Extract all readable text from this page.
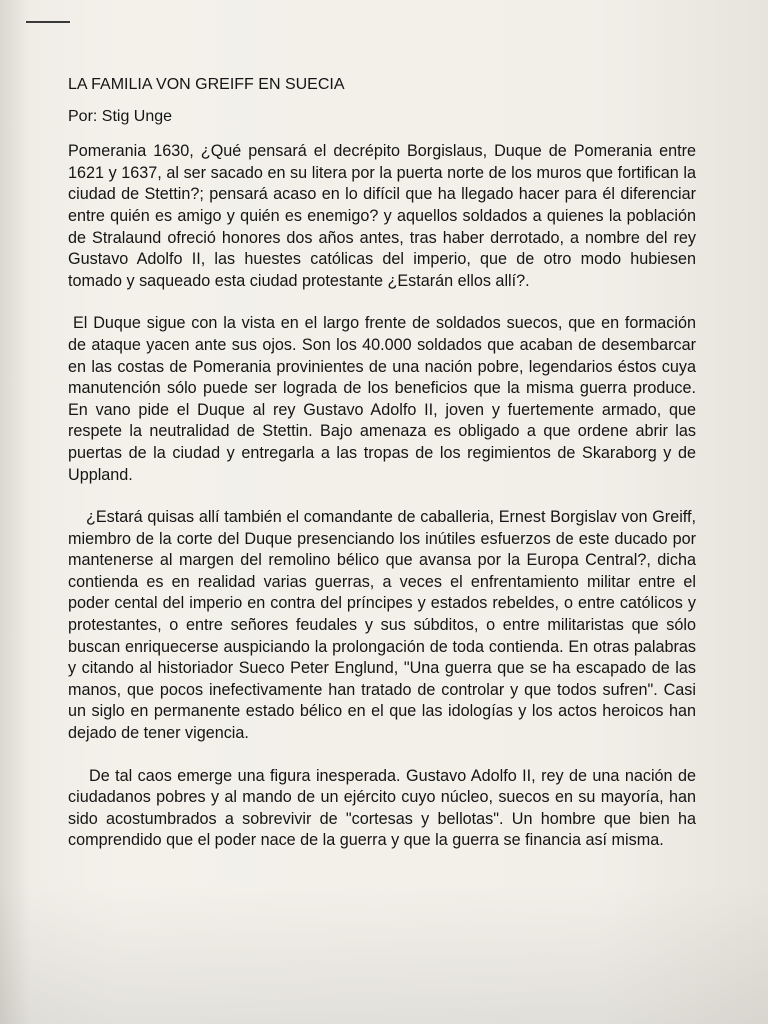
LA FAMILIA VON GREIFF EN SUECIA

Por: Stig Unge

Pomerania 1630, ¿Qué pensará el decrépito Borgislaus, Duque de Pomerania entre 1621 y 1637, al ser sacado en su litera por la puerta norte de los muros que fortifican la ciudad de Stettin?; pensará acaso en lo difícil que ha llegado hacer para él diferenciar entre quién es amigo y quién es enemigo? y aquellos soldados a quienes la población de Stralaund ofreció honores dos años antes, tras haber derrotado, a nombre del rey Gustavo Adolfo II, las huestes católicas del imperio, que de otro modo hubiesen tomado y saqueado esta ciudad protestante ¿Estarán ellos allí?.

El Duque sigue con la vista en el largo frente de soldados suecos, que en formación de ataque yacen ante sus ojos. Son los 40.000 soldados que acaban de desembarcar en las costas de Pomerania provinientes de una nación pobre, legendarios éstos cuya manutención sólo puede ser lograda de los beneficios que la misma guerra produce. En vano pide el Duque al rey Gustavo Adolfo II, joven y fuertemente armado, que respete la neutralidad de Stettin. Bajo amenaza es obligado a que ordene abrir las puertas de la ciudad y entregarla a las tropas de los regimientos de Skaraborg y de Uppland.

¿Estará quisas allí también el comandante de caballeria, Ernest Borgislav von Greiff, miembro de la corte del Duque presenciando los inútiles esfuerzos de este ducado por mantenerse al margen del remolino bélico que avansa por la Europa Central?, dicha contienda es en realidad varias guerras, a veces el enfrentamiento militar entre el poder cental del imperio en contra del príncipes y estados rebeldes, o entre católicos y protestantes, o entre señores feudales y sus súbditos, o entre militaristas que sólo buscan enriquecerse auspiciando la prolongación de toda contienda. En otras palabras y citando al historiador Sueco Peter Englund, "Una guerra que se ha escapado de las manos, que pocos inefectivamente han tratado de controlar y que todos sufren". Casi un siglo en permanente estado bélico en el que las idologías y los actos heroicos han dejado de tener vigencia.

De tal caos emerge una figura inesperada. Gustavo Adolfo II, rey de una nación de ciudadanos pobres y al mando de un ejército cuyo núcleo, suecos en su mayoría, han sido acostumbrados a sobrevivir de "cortesas y bellotas". Un hombre que bien ha comprendido que el poder nace de la guerra y que la guerra se financia así misma.
